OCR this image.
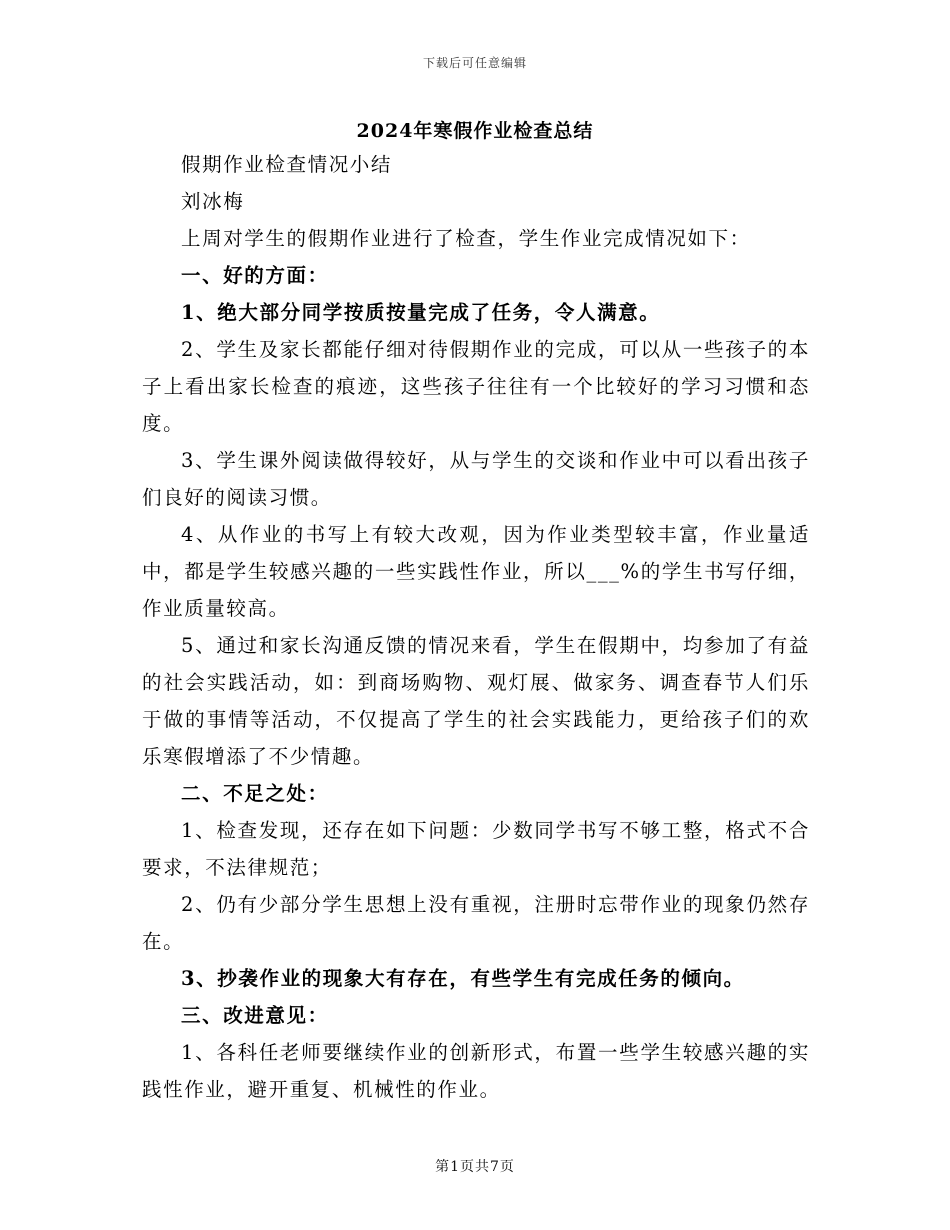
下载后可任意编辑
2024年寒假作业检查总结

假期作业检查情况小结

刘冰梅

上周对学生的假期作业进行了检查，学生作业完成情况如下：

一、好的方面：

1、绝大部分同学按质按量完成了任务，令人满意。

2、学生及家长都能仔细对待假期作业的完成，可以从一些孩子的本子上看出家长检查的痕迹，这些孩子往往有一个比较好的学习习惯和态度。

3、学生课外阅读做得较好，从与学生的交谈和作业中可以看出孩子们良好的阅读习惯。

4、从作业的书写上有较大改观，因为作业类型较丰富，作业量适中，都是学生较感兴趣的一些实践性作业，所以___%的学生书写仔细，作业质量较高。

5、通过和家长沟通反馈的情况来看，学生在假期中，均参加了有益的社会实践活动，如：到商场购物、观灯展、做家务、调查春节人们乐于做的事情等活动，不仅提高了学生的社会实践能力，更给孩子们的欢乐寒假增添了不少情趣。

二、不足之处：

1、检查发现，还存在如下问题：少数同学书写不够工整，格式不合要求，不法律规范；

2、仍有少部分学生思想上没有重视，注册时忘带作业的现象仍然存在。

3、抄袭作业的现象大有存在，有些学生有完成任务的倾向。

三、改进意见：

1、各科任老师要继续作业的创新形式，布置一些学生较感兴趣的实践性作业，避开重复、机械性的作业。

第1页共7页
